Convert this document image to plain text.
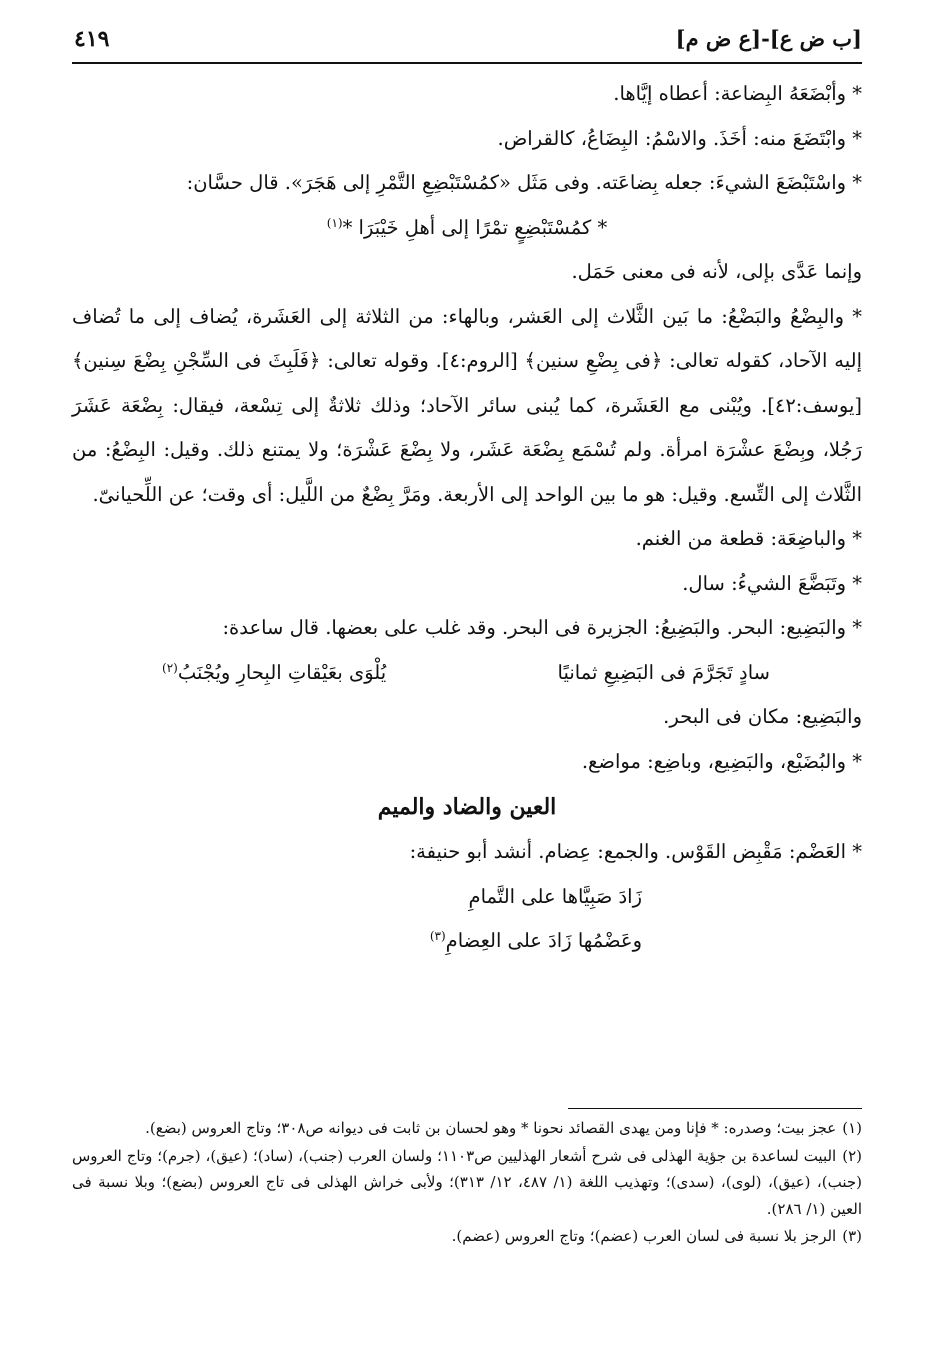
[ب ض ع]-[ع ض م]
٤١٩

* وأبْضَعَهُ البِضاعة: أعطاه إيَّاها.

* وابْتَضَعَ منه: أخَذَ. والاسْمُ: البِضَاعُ، كالقراض.

* واسْتَبْضَعَ الشيءَ: جعله بِضاعَته. وفى مَثَل «كمُسْتَبْضِعِ التَّمْرِ إلى هَجَرَ». قال حسَّان:

* كمُسْتَبْضِعٍ تمْرًا إلى أهلِ خَيْبَرَا *$^{(١)}$

وإنما عَدَّى بإلى، لأنه فى معنى حَمَل.

* والبِضْعُ والبَضْعُ: ما بَين الثَّلاث إلى العَشر، وبالهاء: من الثلاثة إلى العَشَرة، يُضاف إلى ما تُضاف إليه الآحاد، كقوله تعالى: ﴿فى بِضْعِ سنين﴾ [الروم:٤]. وقوله تعالى: ﴿فَلَبِثَ فى السِّجْنِ بِضْعَ سِنين﴾ [يوسف:٤٢]. ويُبْنى مع العَشَرة، كما يُبنى سائر الآحاد؛ وذلك ثلاثةٌ إلى تِسْعة، فيقال: بِضْعَة عَشَرَ رَجُلا، وبِضْعَ عشْرَة امرأة. ولم تُسْمَع بِضْعَة عَشَر، ولا بِضْعَ عَشْرَة؛ ولا يمتنع ذلك. وقيل: البِضْعُ: من الثَّلاث إلى التِّسع. وقيل: هو ما بين الواحد إلى الأربعة. ومَرَّ بِضْعٌ من اللَّيل: أى وقت؛ عن اللِّحيانىّ.

* والباضِعَة: قطعة من الغنم.

* وتَبَضَّعَ الشيءُ: سال.

* والبَضِيع: البحر. والبَضِيعُ: الجزيرة فى البحر. وقد غلب على بعضها. قال ساعدة:

سادٍ تَجَرَّمَ فى البَضِيعِ ثمانيًا
يُلْوَى بعَيْقاتِ البِحارِ ويُجْنَبُ$^{(٢)}$

والبَضِيع: مكان فى البحر.

* والبُضَيْع، والبَضِيع، وباضِع: مواضع.

العين والضاد والميم

* العَضْم: مَقْبِض القَوْس. والجمع: عِضام. أنشد أبو حنيفة:

زَادَ صَبِيَّاها على التَّمامِ

وعَضْمُها زَادَ على العِضامِ$^{(٣)}$

(١)عجز بيت؛ وصدره: * فإنا ومن يهدى القصائد نحونا * وهو لحسان بن ثابت فى ديوانه ص٣٠٨؛ وتاج العروس (بضع).

(٢)البيت لساعدة بن جؤية الهذلى فى شرح أشعار الهذليين ص١١٠٣؛ ولسان العرب (جنب)، (ساد)؛ (عيق)، (جرم)؛ وتاج العروس (جنب)، (عيق)، (لوى)، (سدى)؛ وتهذيب اللغة (١/ ٤٨٧، ١٢/ ٣١٣)؛ ولأبى خراش الهذلى فى تاج العروس (بضع)؛ وبلا نسبة فى العين (١/ ٢٨٦).

(٣)الرجز بلا نسبة فى لسان العرب (عضم)؛ وتاج العروس (عضم).
